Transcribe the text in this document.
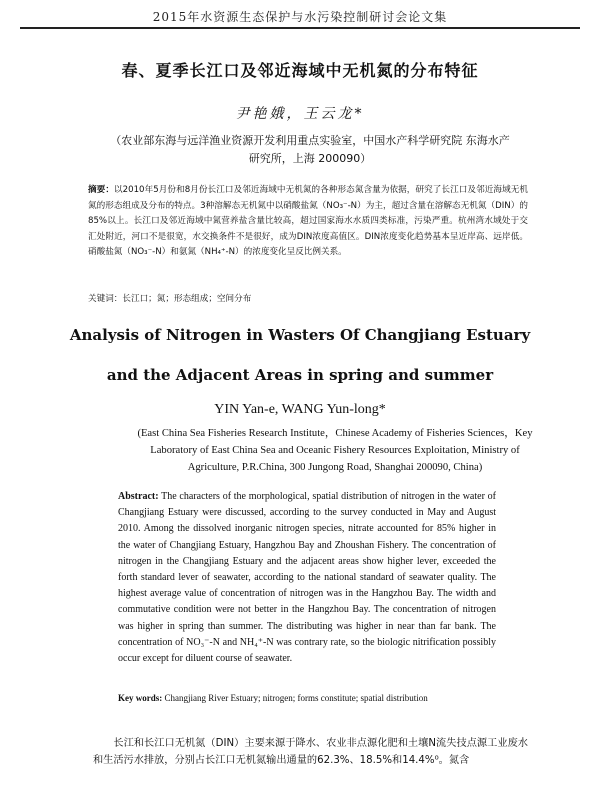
2015年水资源生态保护与水污染控制研讨会论文集
春、夏季长江口及邻近海域中无机氮的分布特征
尹艳娥，王云龙*
（农业部东海与远洋渔业资源开发利用重点实验室，中国水产科学研究院 东海水产研究所，上海 200090）
摘要：以2010年5月份和8月份长江口及邻近海域中无机氮的各种形态氮含量为依据，研究了长江口及邻近海域无机氮的形态组成及分布的特点。3种溶解态无机氮中以硝酸盐氮（NO₃⁻-N）为主，超过含量在溶解态无机氮（DIN）的85%以上。长江口及邻近海域中氮营养盐含量比较高，超过国家海水水质四类标准，污染严重。杭州湾水域处于交汇处附近，河口不是很宽，水交换条件不是很好，成为DIN浓度高值区。DIN浓度变化趋势基本呈近岸高、远岸低。硝酸盐氮（NO₃⁻-N）和氨氮（NH₄⁺-N）的浓度变化呈反比例关系。
关键词：长江口；氮；形态组成；空间分布
Analysis of Nitrogen in Wasters Of Changjiang Estuary
and the Adjacent Areas in spring and summer
YIN Yan-e, WANG Yun-long*
(East China Sea Fisheries Research Institute，Chinese Academy of Fisheries Sciences，Key Laboratory of East China Sea and Oceanic Fishery Resources Exploitation, Ministry of Agriculture, P.R.China, 300 Jungong Road, Shanghai 200090, China)
Abstract: The characters of the morphological, spatial distribution of nitrogen in the water of Changjiang Estuary were discussed, according to the survey conducted in May and August 2010. Among the dissolved inorganic nitrogen species, nitrate accounted for 85% higher in the water of Changjiang Estuary, Hangzhou Bay and Zhoushan Fishery. The concentration of nitrogen in the Changjiang Estuary and the adjacent areas show higher lever, exceeded the forth standard lever of seawater, according to the national standard of seawater quality. The highest average value of concentration of nitrogen was in the Hangzhou Bay. The width and commutative condition were not better in the Hangzhou Bay. The concentration of nitrogen was higher in spring than summer. The distributing was higher in near than far bank. The concentration of NO₃⁻-N and NH₄⁺-N was contrary rate, so the biologic nitrification possibly occur except for diluent course of seawater.
Key words: Changjiang River Estuary; nitrogen; forms constitute; spatial distribution
长江和长江口无机氮（DIN）主要来源于降水、农业非点源化肥和土壤N流失技点源工业废水和生活污水排放，分别占长江口无机氮输出通量的62.3%、18.5%和14.4%⁰。氮含
